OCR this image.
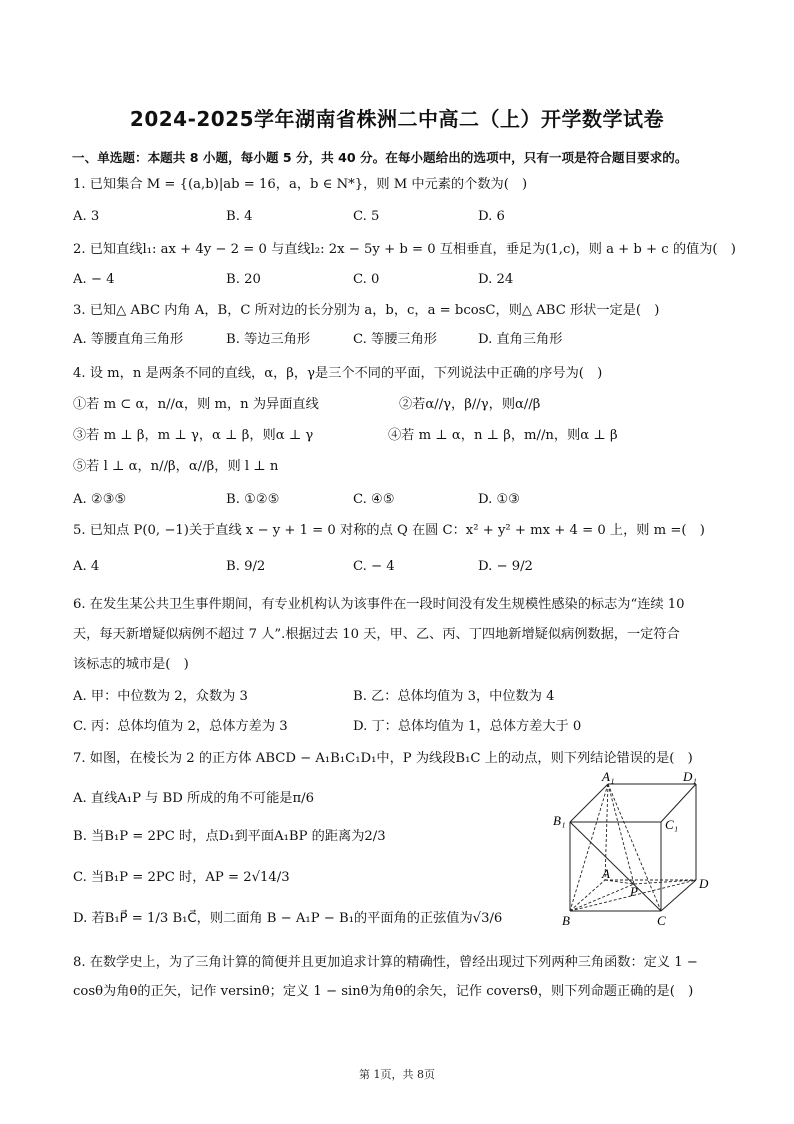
2024-2025学年湖南省株洲二中高二（上）开学数学试卷
一、单选题：本题共 8 小题，每小题 5 分，共 40 分。在每小题给出的选项中，只有一项是符合题目要求的。
1. 已知集合 M = {(a,b)|ab = 16，a，b ∈ N*}，则 M 中元素的个数为(　)
A. 3	B. 4	C. 5	D. 6
2. 已知直线l₁: ax + 4y − 2 = 0 与直线l₂: 2x − 5y + b = 0 互相垂直，垂足为(1,c)，则 a + b + c 的值为(　)
A. − 4	B. 20	C. 0	D. 24
3. 已知△ ABC 内角 A，B，C 所对边的长分别为 a，b，c，a = bcosC，则△ ABC 形状一定是(　)
A. 等腰直角三角形	B. 等边三角形	C. 等腰三角形	D. 直角三角形
4. 设 m，n 是两条不同的直线，α，β，γ是三个不同的平面，下列说法中正确的序号为(　)
①若 m ⊂ α，n//α，则 m，n 为异面直线	②若α//γ，β//γ，则α//β
③若 m ⊥ β，m ⊥ γ，α ⊥ β，则α ⊥ γ	④若 m ⊥ α，n ⊥ β，m//n，则α ⊥ β
⑤若 l ⊥ α，n//β，α//β，则 l ⊥ n
A. ②③⑤	B. ①②⑤	C. ④⑤	D. ①③
5. 已知点 P(0, −1)关于直线 x − y + 1 = 0 对称的点 Q 在圆 C：x² + y² + mx + 4 = 0 上，则 m =(　)
A. 4	B. 9/2	C. − 4	D. − 9/2
6. 在发生某公共卫生事件期间，有专业机构认为该事件在一段时间没有发生规模性感染的标志为“连续 10
天，每天新增疑似病例不超过 7 人”.根据过去 10 天，甲、乙、丙、丁四地新增疑似病例数据，一定符合
该标志的城市是(　)
A. 甲：中位数为 2，众数为 3	B. 乙：总体均值为 3，中位数为 4
C. 丙：总体均值为 2，总体方差为 3	D. 丁：总体均值为 1，总体方差大于 0
7. 如图，在棱长为 2 的正方体 ABCD − A₁B₁C₁D₁中，P 为线段B₁C 上的动点，则下列结论错误的是(　)
A. 直线A₁P 与 BD 所成的角不可能是π/6
B. 当B₁P = 2PC 时，点D₁到平面A₁BP 的距离为2/3
C. 当B₁P = 2PC 时，AP = 2√14/3
D. 若B₁P⃗ = 1/3 B₁C⃗，则二面角 B − A₁P − B₁的平面角的正弦值为√3/6
A₁	D₁
B₁	C₁
A
D
P
B	C
8. 在数学史上，为了三角计算的简便并且更加追求计算的精确性，曾经出现过下列两种三角函数：定义 1 −
cosθ为角θ的正矢，记作 versinθ；定义 1 − sinθ为角θ的余矢，记作 coversθ，则下列命题正确的是(　)
第 1页，共 8页
